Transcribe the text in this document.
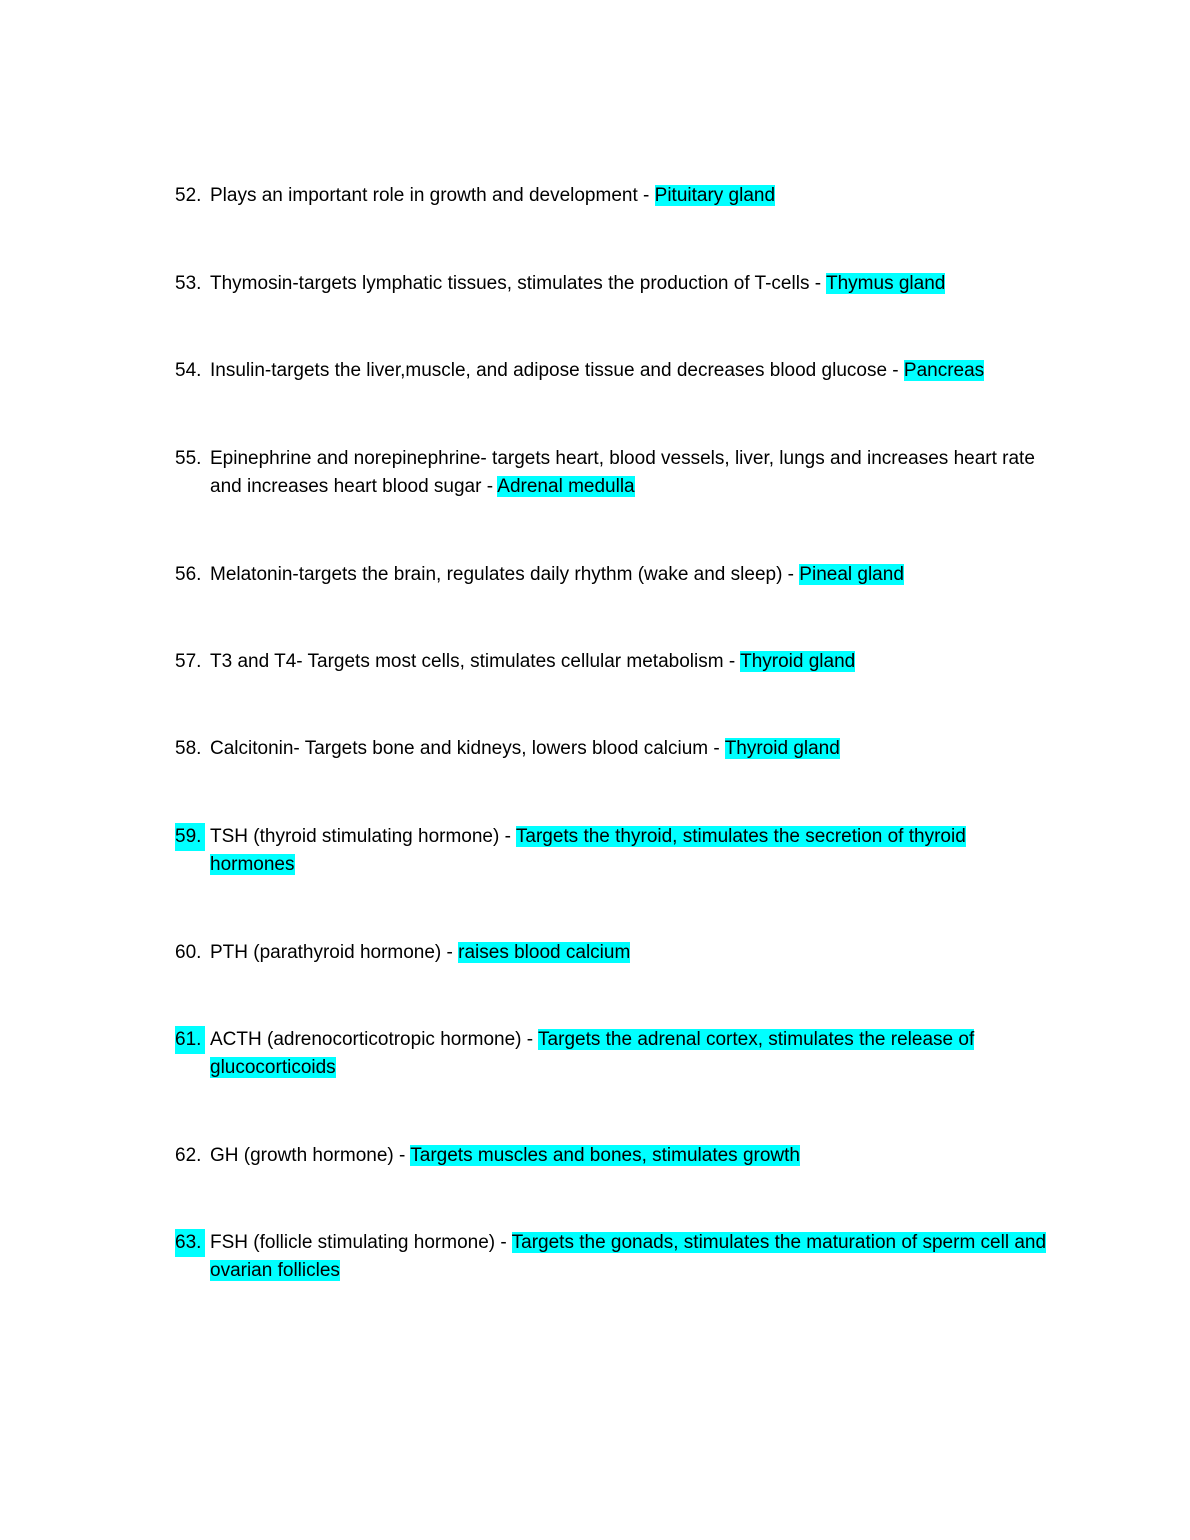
52. Plays an important role in growth and development - Pituitary gland
53. Thymosin-targets lymphatic tissues, stimulates the production of T-cells - Thymus gland
54. Insulin-targets the liver,muscle, and adipose tissue and decreases blood glucose - Pancreas
55. Epinephrine and norepinephrine- targets heart, blood vessels, liver, lungs and increases heart rate and increases heart blood sugar - Adrenal medulla
56. Melatonin-targets the brain, regulates daily rhythm (wake and sleep) - Pineal gland
57. T3 and T4- Targets most cells, stimulates cellular metabolism - Thyroid gland
58. Calcitonin- Targets bone and kidneys, lowers blood calcium - Thyroid gland
59. TSH (thyroid stimulating hormone) - Targets the thyroid, stimulates the secretion of thyroid hormones
60. PTH (parathyroid hormone) - raises blood calcium
61. ACTH (adrenocorticotropic hormone) - Targets the adrenal cortex, stimulates the release of glucocorticoids
62. GH (growth hormone) - Targets muscles and bones, stimulates growth
63. FSH (follicle stimulating hormone) - Targets the gonads, stimulates the maturation of sperm cell and ovarian follicles
